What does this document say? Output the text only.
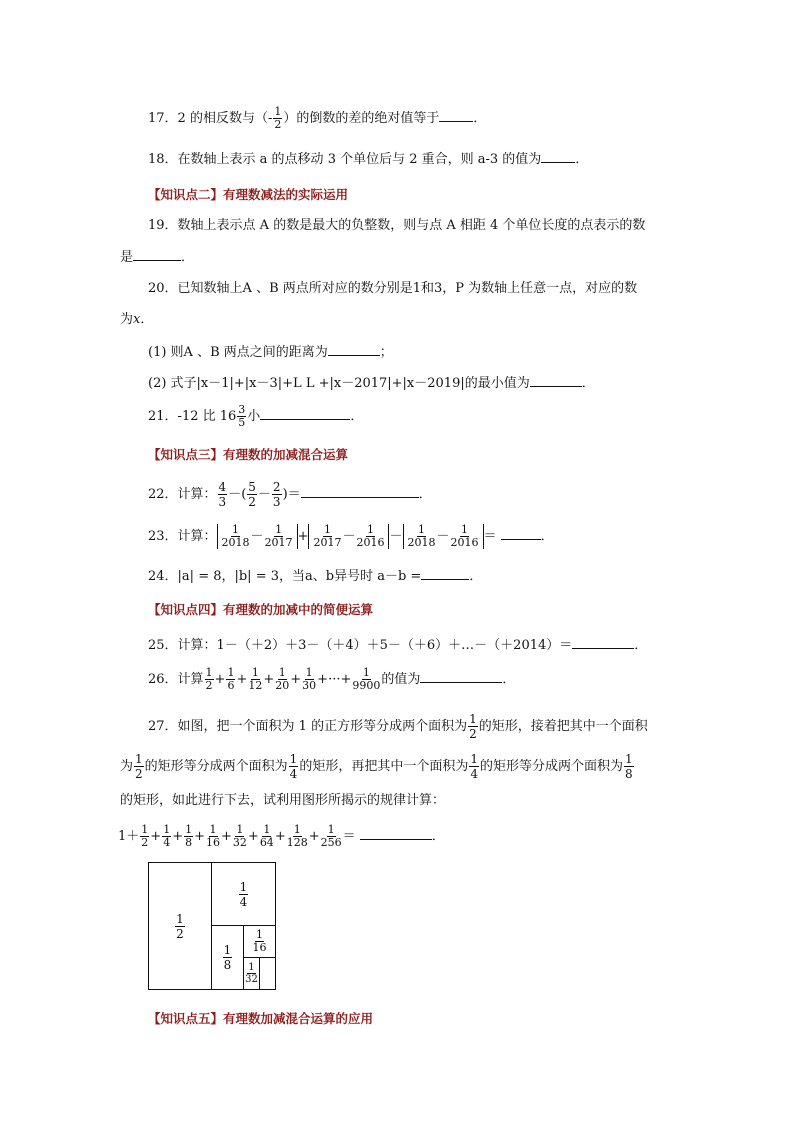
17．2 的相反数与（- $\frac{1}{2}$ ）的倒数的差的绝对值等于	．
18．在数轴上表示 a 的点移动 3 个单位后与 2 重合，则 a-3 的值为	．
【知识点二】有理数减法的实际运用
19．数轴上表示点 A 的数是最大的负整数，则与点 A 相距 4 个单位长度的点表示的数
是	．
20．已知数轴上A 、B 两点所对应的数分别是1和3，P 为数轴上任意一点，对应的数
为x．
(1) 则A 、B 两点之间的距离为	；
(2) 式子|x－1|+|x－3|+L L +|x－2017|+|x－2019|的最小值为	．
21．-12 比 $16 \frac{3}{5}$ 小	．
【知识点三】有理数的加减混合运算
22．计算： $\frac{4}{3}$ －( $\frac{5}{2} - \frac{2}{3}$ )＝	．
23．计算： $\frac{1}{2018} - \frac{1}{2017} + \frac{1}{2017} - \frac{1}{2016} - \frac{1}{2018} - \frac{1}{2016}$ ＝	．
24．|a| = 8，|b| = 3，当a、b异号时 a－b =	．
【知识点四】有理数的加减中的简便运算
25．计算：1－（＋2）＋3－（＋4）＋5－（＋6）＋…－（＋2014）＝	．
26．计算 $\frac{1}{2} + \frac{1}{6} + \frac{1}{12} + \frac{1}{20} + \frac{1}{30}$ +···+ $\frac{1}{9900}$ 的值为	．
27．如图，把一个面积为 1 的正方形等分成两个面积为 $\frac{1}{2}$ 的矩形，接着把其中一个面积
为 $\frac{1}{2}$ 的矩形等分成两个面积为 $\frac{1}{4}$ 的矩形，再把其中一个面积为 $\frac{1}{4}$ 的矩形等分成两个面积为 $\frac{1}{8}$
的矩形，如此进行下去，试利用图形所揭示的规律计算：
$1+ \frac{1}{2} + \frac{1}{4} + \frac{1}{8} + \frac{1}{16} + \frac{1}{32} + \frac{1}{64} + \frac{1}{128} + \frac{1}{256}$ ＝	．
$\frac{1}{2}$
$\frac{1}{4}$
$\frac{1}{8}$
$\frac{1}{16}$
$\frac{1}{32}$
【知识点五】有理数加减混合运算的应用
